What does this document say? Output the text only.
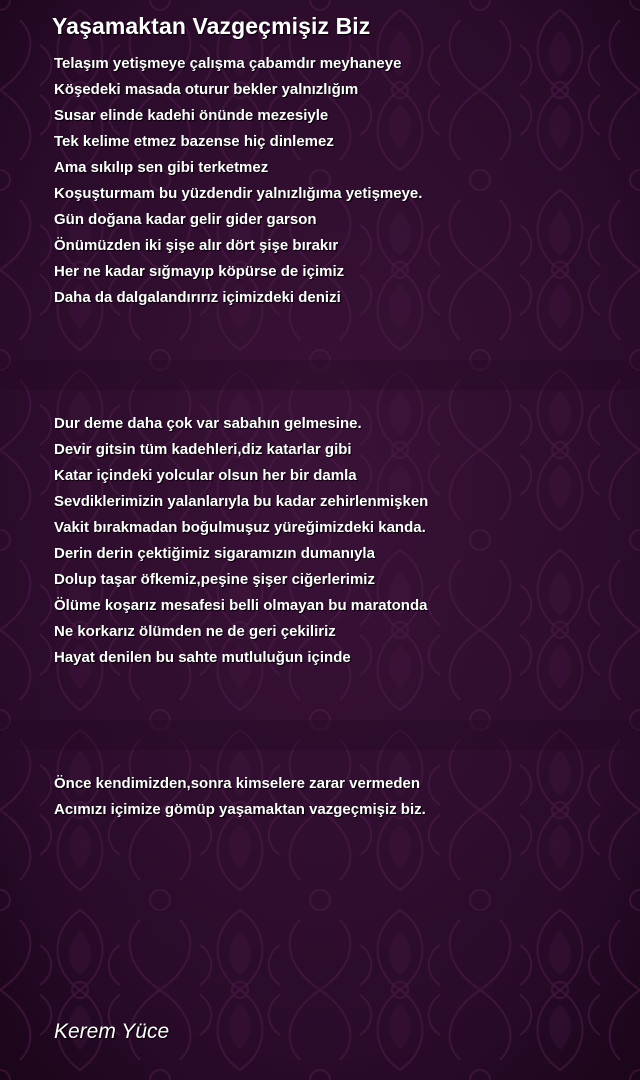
Yaşamaktan Vazgeçmişiz Biz
Telaşım yetişmeye çalışma çabamdır meyhaneye
Köşedeki masada oturur bekler yalnızlığım
Susar elinde kadehi önünde mezesiyle
Tek kelime etmez bazense hiç dinlemez
Ama sıkılıp sen gibi terketmez
Koşuşturmam bu yüzdendir yalnızlığıma yetişmeye.
Gün doğana kadar gelir gider garson
Önümüzden iki şişe alır dört şişe bırakır
Her ne kadar sığmayıp köpürse de içimiz
Daha da dalgalandırırız içimizdeki denizi
Dur deme daha çok var sabahın gelmesine.
Devir gitsin tüm kadehleri,diz katarlar gibi
Katar içindeki yolcular olsun her bir damla
Sevdiklerimizin yalanlarıyla bu kadar zehirlenmişken
Vakit bırakmadan boğulmuşuz yüreğimizdeki kanda.
Derin derin çektiğimiz sigaramızın dumanıyla
Dolup taşar öfkemiz,peşine şişer ciğerlerimiz
Ölüme koşarız mesafesi belli olmayan bu maratonda
Ne korkarız ölümden ne de geri çekiliriz
Hayat denilen bu sahte mutluluğun içinde
Önce kendimizden,sonra kimselere zarar vermeden
Acımızı içimize gömüp yaşamaktan vazgeçmişiz biz.
Kerem Yüce
